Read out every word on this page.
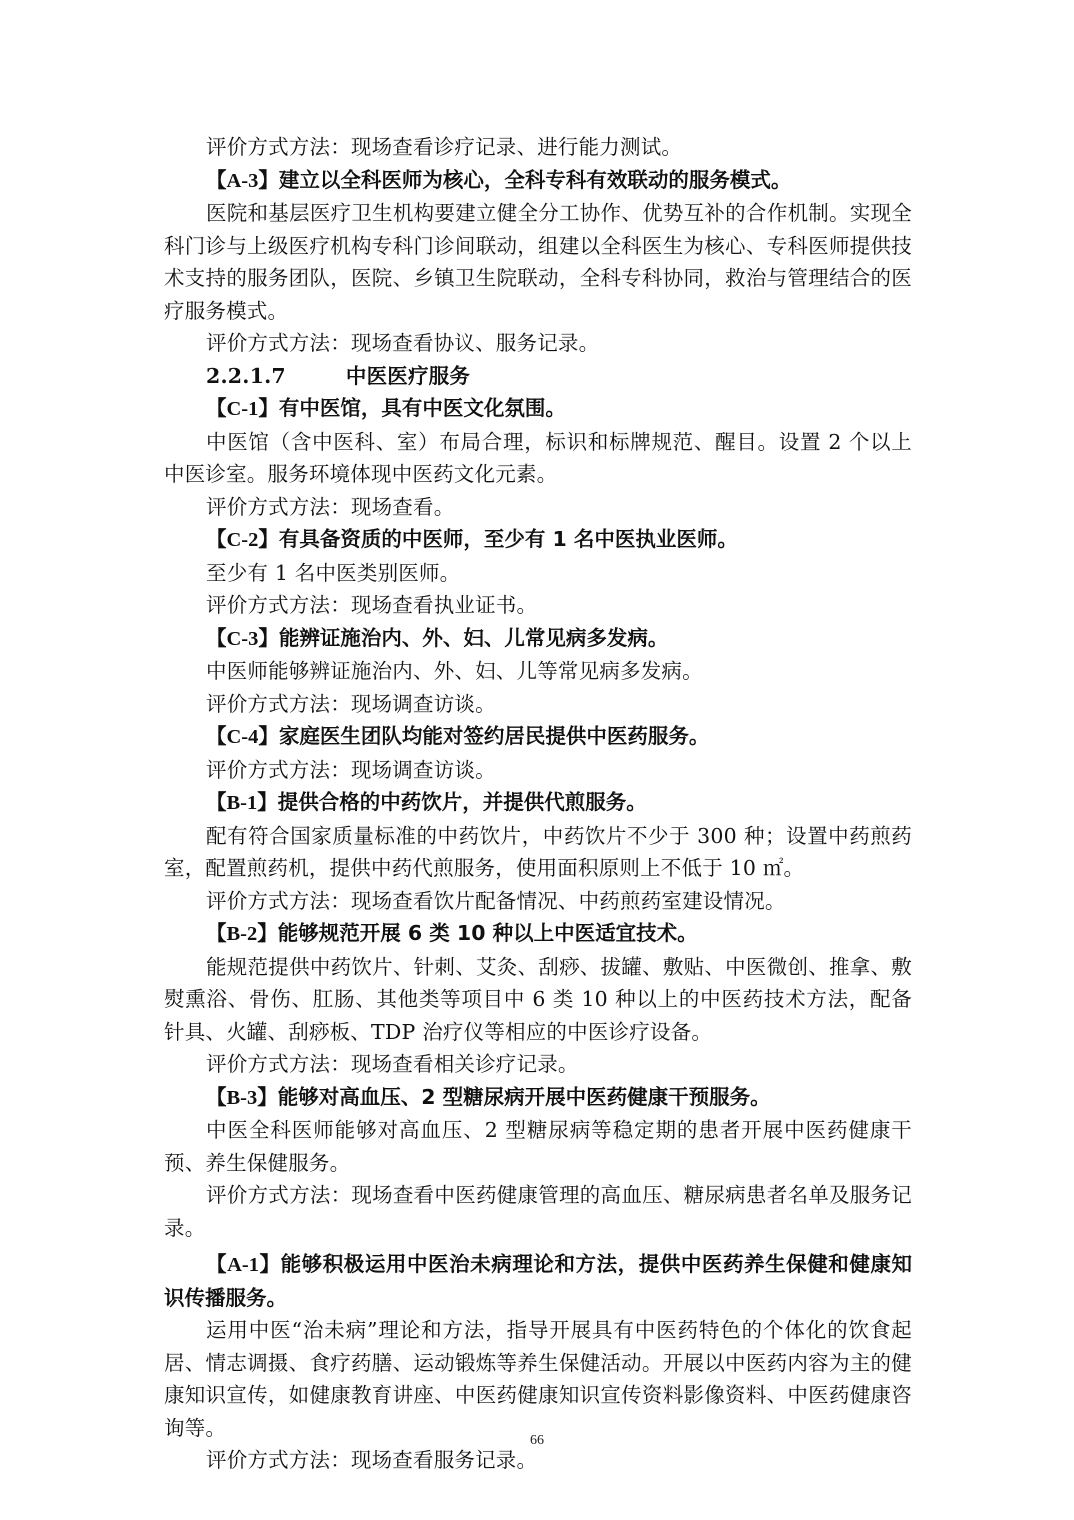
评价方式方法：现场查看诊疗记录、进行能力测试。

【A-3】建立以全科医师为核心，全科专科有效联动的服务模式。

医院和基层医疗卫生机构要建立健全分工协作、优势互补的合作机制。实现全科门诊与上级医疗机构专科门诊间联动，组建以全科医生为核心、专科医师提供技术支持的服务团队，医院、乡镇卫生院联动，全科专科协同，救治与管理结合的医疗服务模式。

评价方式方法：现场查看协议、服务记录。

2.2.1.7	中医医疗服务

【C-1】有中医馆，具有中医文化氛围。

中医馆（含中医科、室）布局合理，标识和标牌规范、醒目。设置 2 个以上中医诊室。服务环境体现中医药文化元素。

评价方式方法：现场查看。

【C-2】有具备资质的中医师，至少有 1 名中医执业医师。

至少有 1 名中医类别医师。

评价方式方法：现场查看执业证书。

【C-3】能辨证施治内、外、妇、儿常见病多发病。

中医师能够辨证施治内、外、妇、儿等常见病多发病。

评价方式方法：现场调查访谈。

【C-4】家庭医生团队均能对签约居民提供中医药服务。

评价方式方法：现场调查访谈。

【B-1】提供合格的中药饮片，并提供代煎服务。

配有符合国家质量标准的中药饮片，中药饮片不少于 300 种；设置中药煎药室，配置煎药机，提供中药代煎服务，使用面积原则上不低于 10 ㎡。

评价方式方法：现场查看饮片配备情况、中药煎药室建设情况。

【B-2】能够规范开展 6 类 10 种以上中医适宜技术。

能规范提供中药饮片、针刺、艾灸、刮痧、拔罐、敷贴、中医微创、推拿、敷熨熏浴、骨伤、肛肠、其他类等项目中 6 类 10 种以上的中医药技术方法，配备针具、火罐、刮痧板、TDP 治疗仪等相应的中医诊疗设备。

评价方式方法：现场查看相关诊疗记录。

【B-3】能够对高血压、2 型糖尿病开展中医药健康干预服务。

中医全科医师能够对高血压、2 型糖尿病等稳定期的患者开展中医药健康干预、养生保健服务。

评价方式方法：现场查看中医药健康管理的高血压、糖尿病患者名单及服务记录。

【A-1】能够积极运用中医治未病理论和方法，提供中医药养生保健和健康知识传播服务。

运用中医“治未病”理论和方法，指导开展具有中医药特色的个体化的饮食起居、情志调摄、食疗药膳、运动锻炼等养生保健活动。开展以中医药内容为主的健康知识宣传，如健康教育讲座、中医药健康知识宣传资料影像资料、中医药健康咨询等。

评价方式方法：现场查看服务记录。

66
